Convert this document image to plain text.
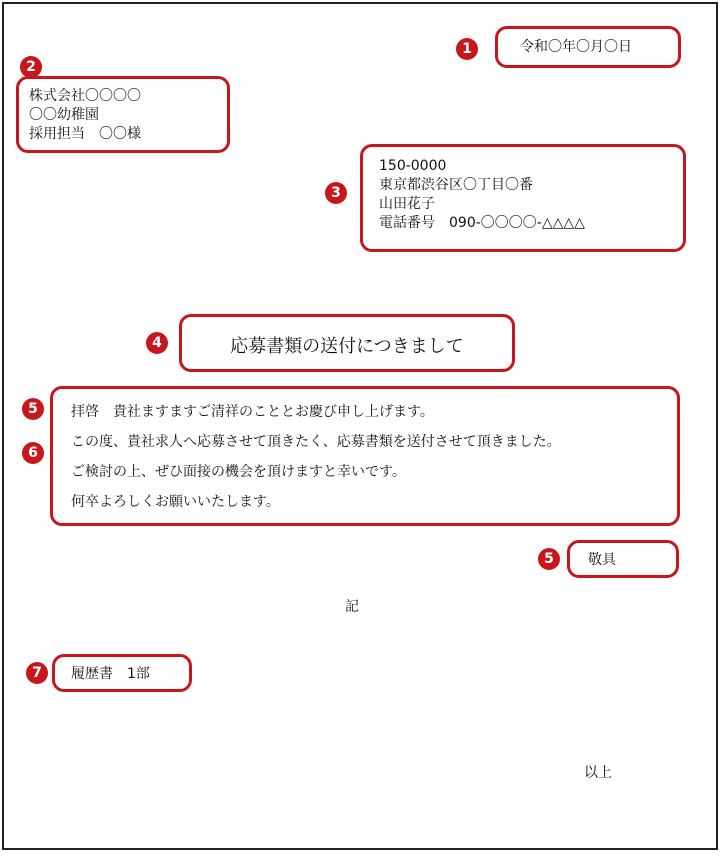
1	令和〇年〇月〇日
2
株式会社〇〇〇〇
〇〇幼稚園
採用担当　〇〇様
3
150-0000
東京都渋谷区〇丁目〇番
山田花子
電話番号　090-〇〇〇〇-△△△△
4	応募書類の送付につきまして
5
6
拝啓　貴社ますますご清祥のこととお慶び申し上げます。
この度、貴社求人へ応募させて頂きたく、応募書類を送付させて頂きました。
ご検討の上、ぜひ面接の機会を頂けますと幸いです。
何卒よろしくお願いいたします。
5	敬具
記
7	履歴書　1部
以上
